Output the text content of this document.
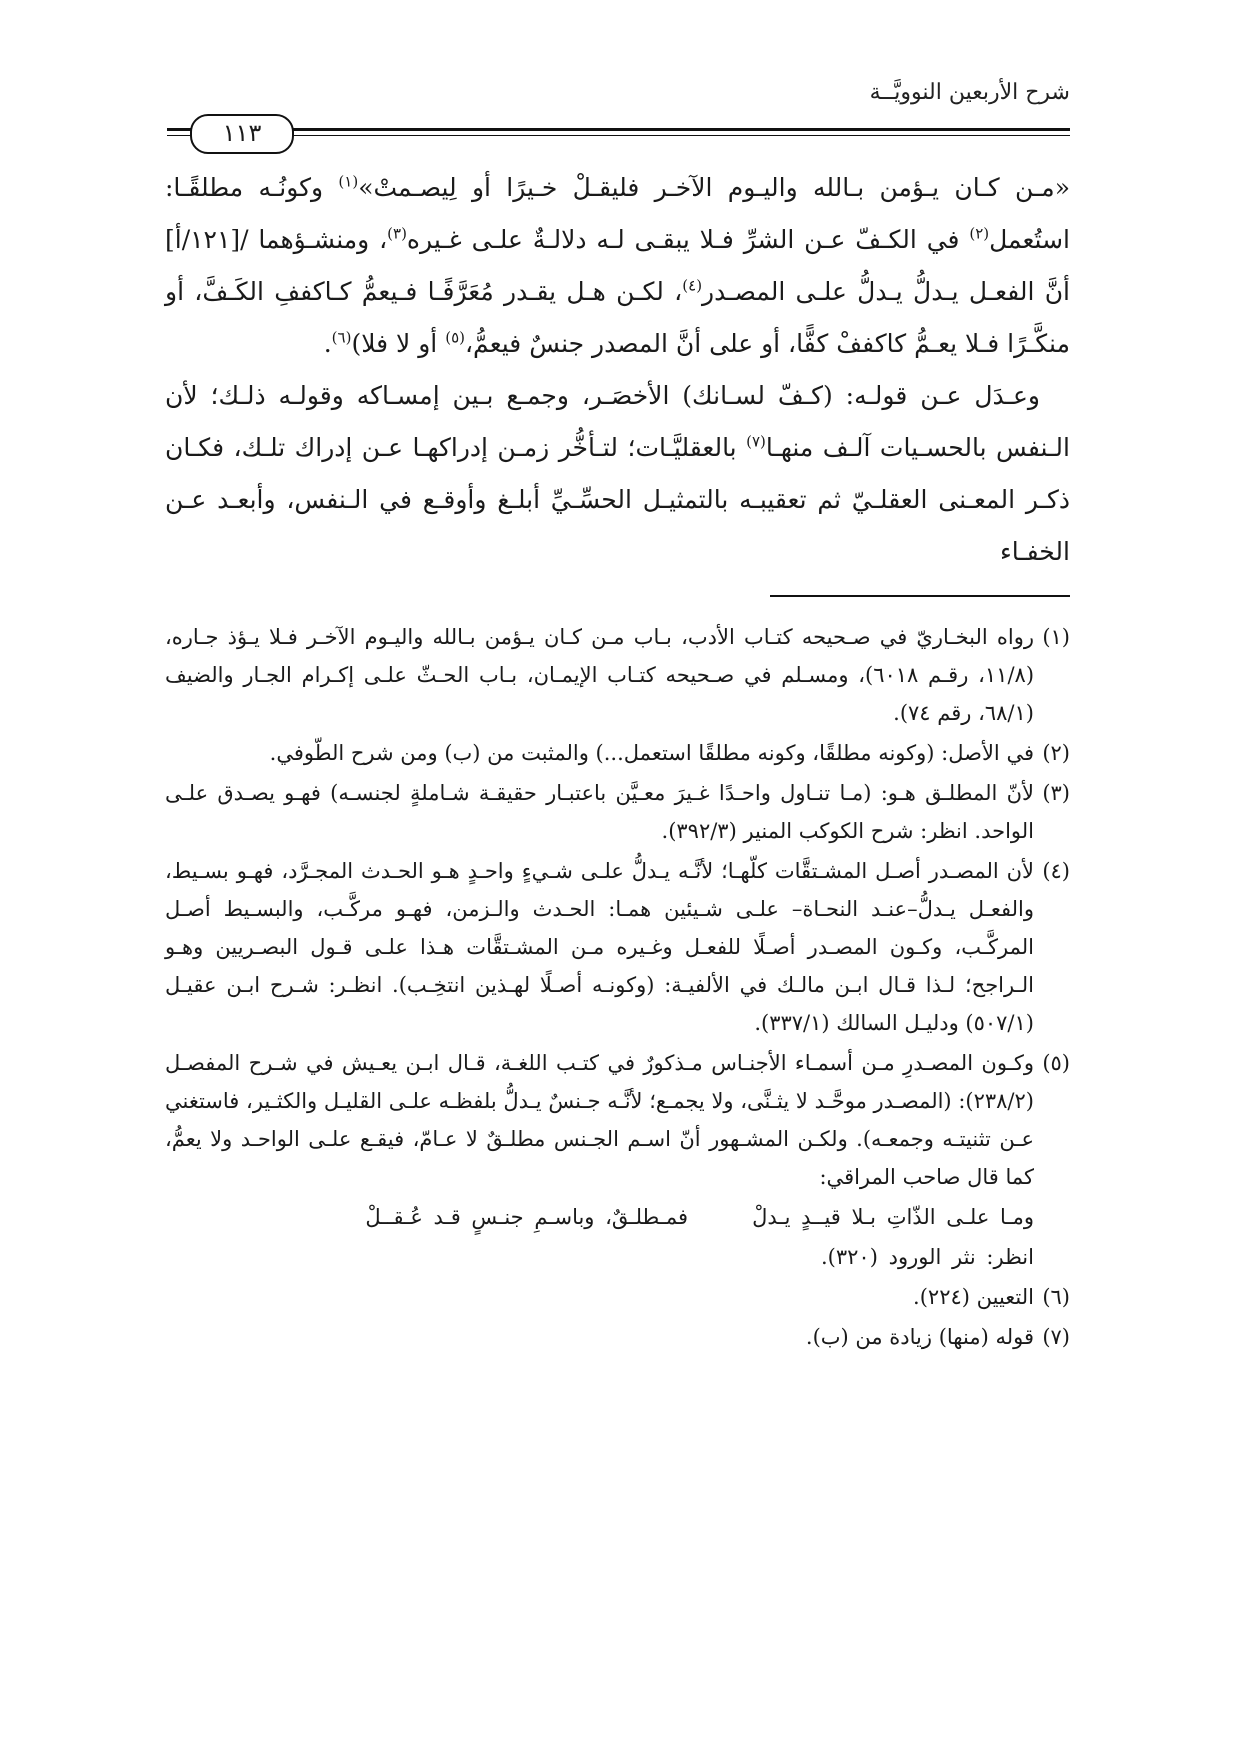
شرح الأربعين النوويَّــة
١١٣

«مـن كـان يـؤمن بـالله واليـوم الآخـر فليقـلْ خـيرًا أو لِيصـمتْ»$^{(١)}$ وكونُـه مطلقًـا: استُعمل$^{(٢)}$ في الكـفّ عـن الشرِّ فـلا يبقـى لـه دلالـةٌ علـى غـيره$^{(٣)}$، ومنشـؤهما /[١٢١/أ] أنَّ الفعـل يـدلُّ يـدلُّ علـى المصـدر$^{(٤)}$، لكـن هـل يقـدر مُعَرَّفًـا فـيعمُّ كـاكففِ الكَـفَّ، أو منكَّـرًا فـلا يعـمُّ كاكففْ كفًّا، أو على أنَّ المصدر جنسٌ فيعمُّ،$^{(٥)}$ أو لا فلا)$^{(٦)}$.

وعـدَل عـن قولـه: (كـفّ لسـانك) الأخصَـر، وجمـع بـين إمسـاكه وقولـه ذلـك؛ لأن الـنفس بالحسـيات آلـف منهـا$^{(٧)}$ بالعقليَّـات؛ لتـأخُّر زمـن إدراكهـا عـن إدراك تلـك، فكـان ذكـر المعـنى العقلـيّ ثم تعقيبـه بالتمثيـل الحسِّـيِّ أبلـغ وأوقـع في الـنفس، وأبعـد عـن الخفـاء

(١)
رواه البخـاريّ في صـحيحه كتـاب الأدب، بـاب مـن كـان يـؤمن بـالله واليـوم الآخـر فـلا يـؤذ جـاره، (١١/٨، رقـم ٦٠١٨)، ومسـلم في صـحيحه كتـاب الإيمـان، بـاب الحـثّ علـى إكـرام الجـار والضيف (٦٨/١، رقم ٧٤).
(٢)
في الأصل: (وكونه مطلقًا، وكونه مطلقًا استعمل...) والمثبت من (ب) ومن شرح الطّوفي.
(٣)
لأنّ المطلـق هـو: (مـا تنـاول واحـدًا غـيرَ معـيَّن باعتبـار حقيقـة شـاملةٍ لجنسـه) فهـو يصـدق علـى الواحد. انظر: شرح الكوكب المنير (٣٩٢/٣).
(٤)
لأن المصـدر أصـل المشـتقَّات كلّهـا؛ لأنَّـه يـدلُّ علـى شـيءٍ واحـدٍ هـو الحـدث المجـرَّد، فهـو بسـيط، والفعـل يـدلُّ–عنـد النحـاة– علـى شـيئين همـا: الحـدث والـزمن، فهـو مركَّـب، والبسـيط أصـل المركَّـب، وكـون المصـدر أصـلًا للفعـل وغـيره مـن المشـتقَّات هـذا علـى قـول البصـريين وهـو الـراجح؛ لـذا قـال ابـن مالـك في الألفيـة: (وكونـه أصـلًا لهـذين انتخِـب). انظـر: شـرح ابـن عقيـل (٥٠٧/١) ودليـل السالك (٣٣٧/١).
(٥)
وكـون المصـدرِ مـن أسمـاء الأجنـاس مـذكورٌ في كتـب اللغـة، قـال ابـن يعـيش في شـرح المفصـل (٢٣٨/٢): (المصـدر موحَّـد لا يثـنَّى، ولا يجمـع؛ لأنَّـه جـنسٌ يـدلُّ بلفظـه علـى القليـل والكثـير، فاستغني عـن تثنيتـه وجمعـه). ولكـن المشـهور أنّ اسـم الجـنس مطلـقٌ لا عـامّ، فيقـع علـى الواحـد ولا يعمُّ، كما قال صاحب المراقي:
ومـا علـى الذّاتِ بـلا قيــدٍ يـدلْ      فمـطلـقٌ، وباسـمِ جنـسٍ قـد عُـقــلْ
انظر: نثر الورود (٣٢٠).
(٦)
التعيين (٢٢٤).
(٧)
قوله (منها) زيادة من (ب).
